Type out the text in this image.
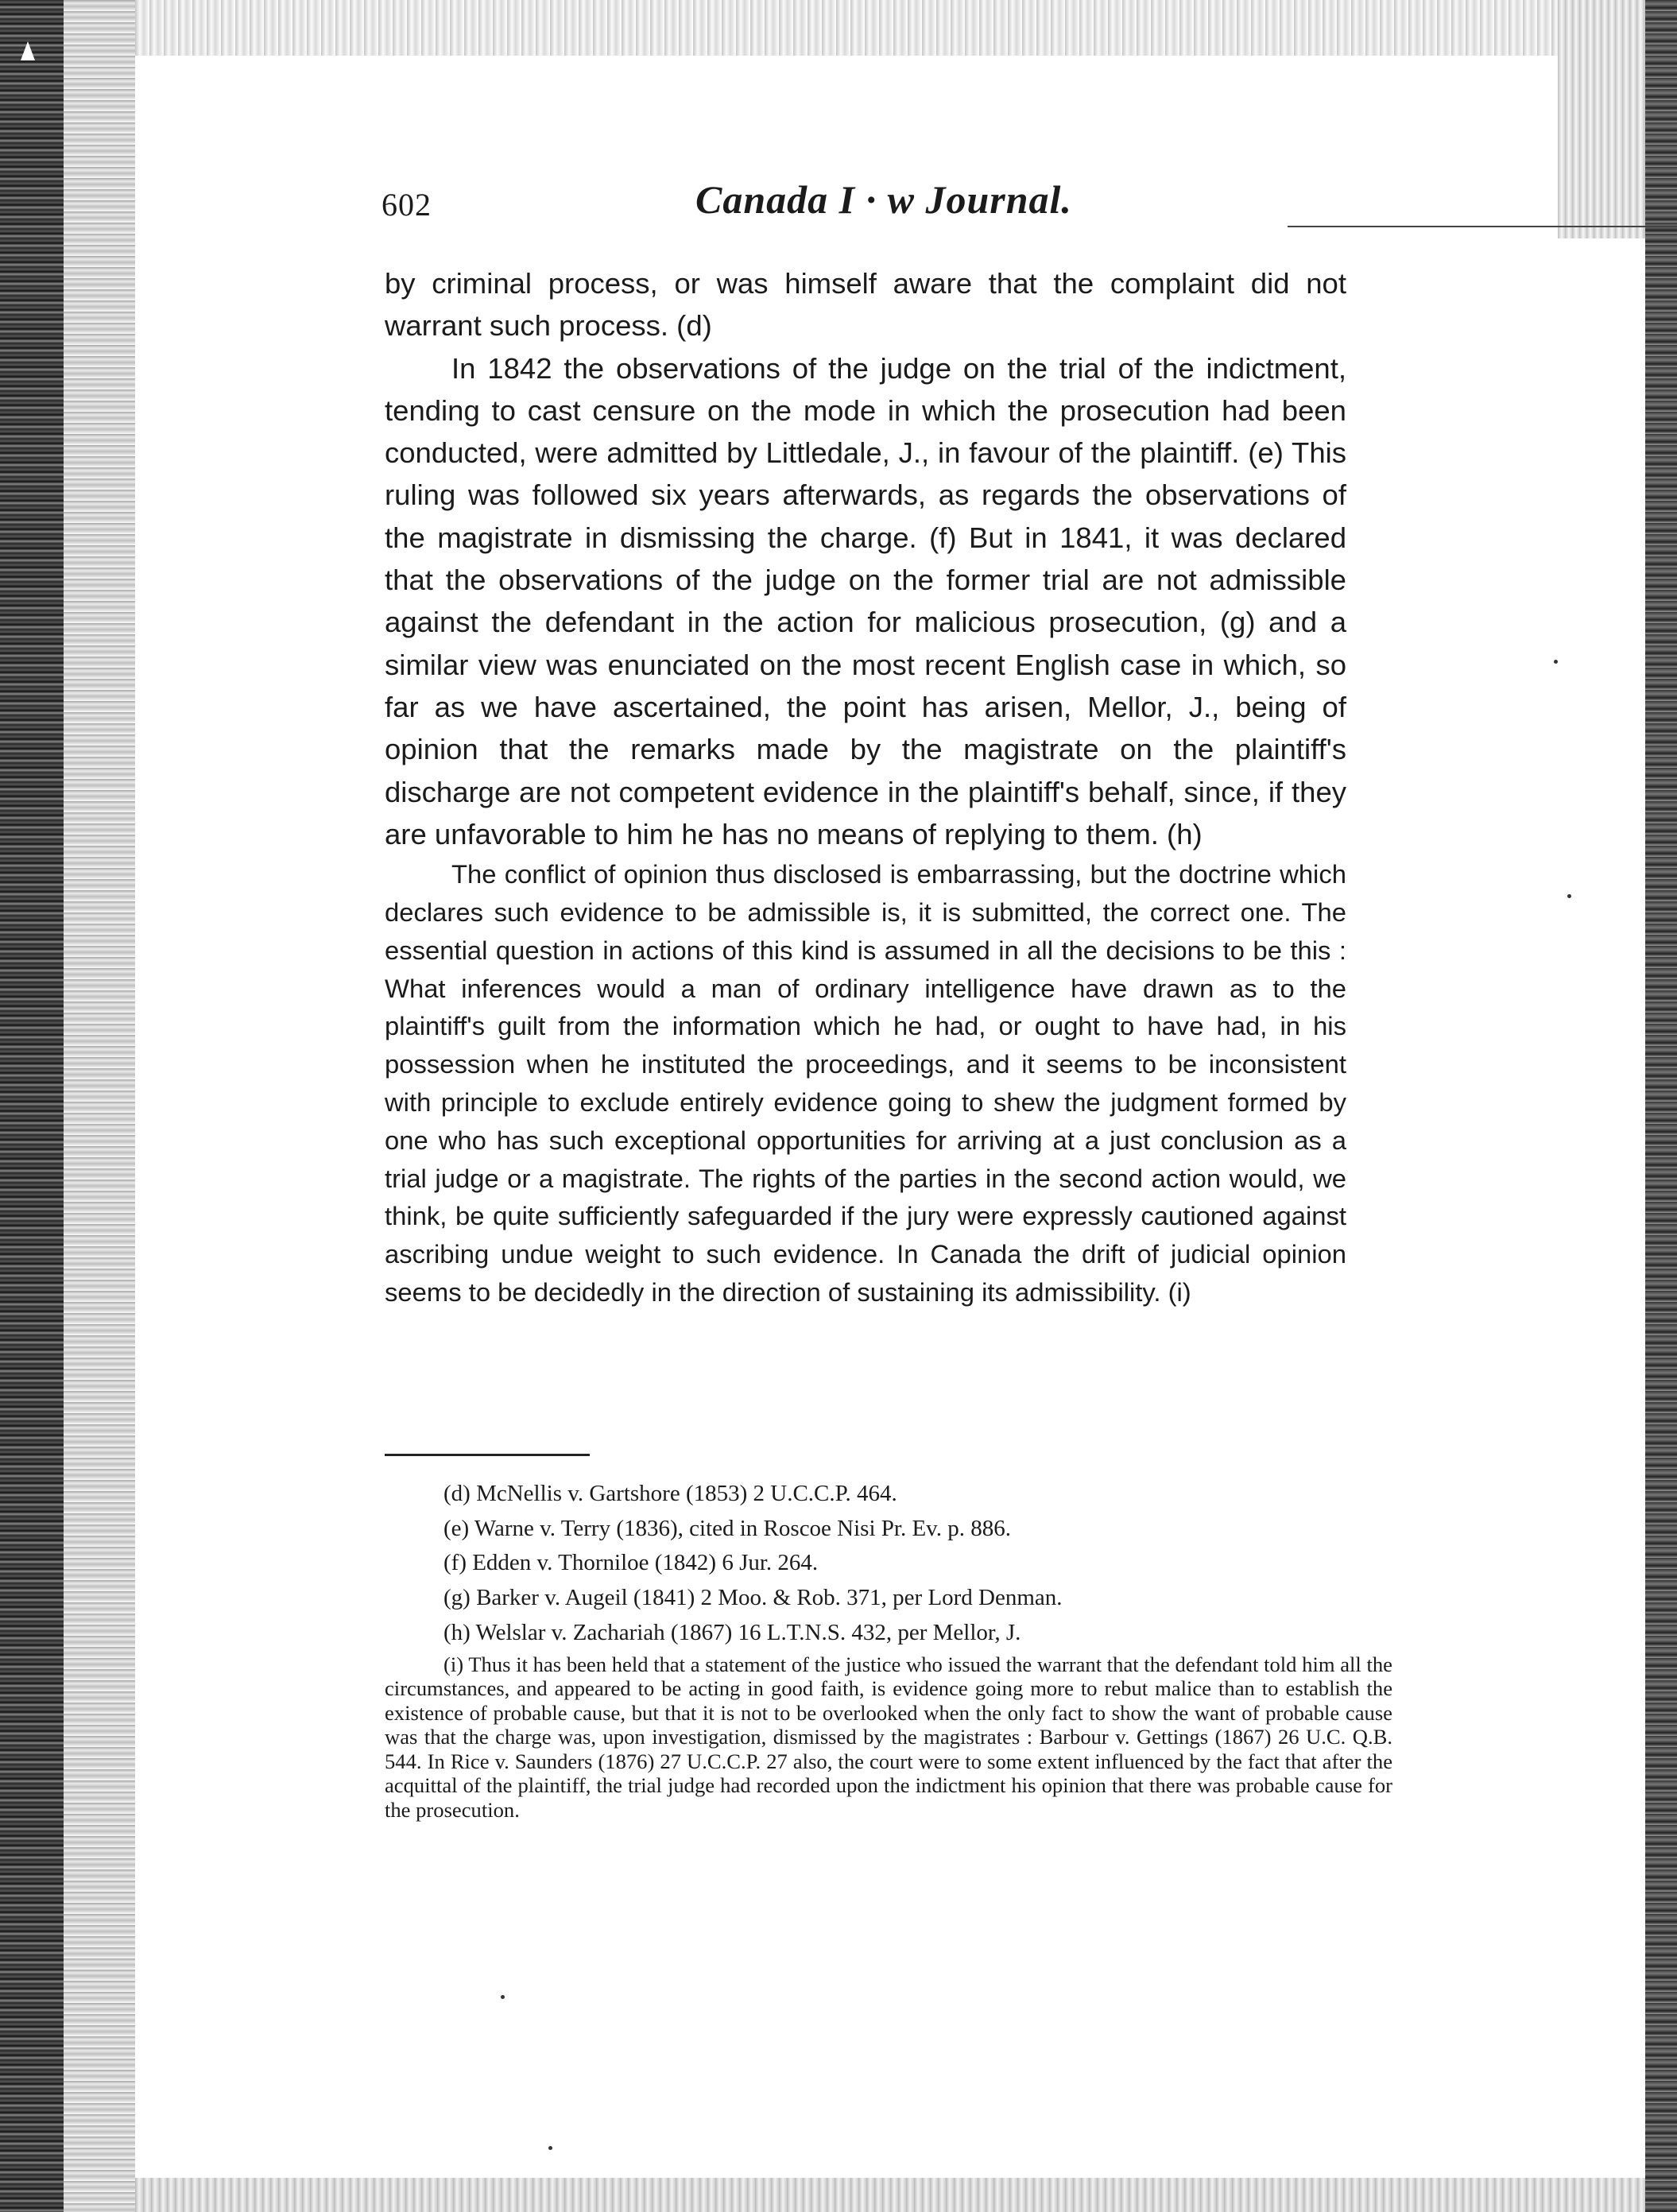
602	Canada I · w Journal.

by criminal process, or was himself aware that the complaint did not warrant such process. (d)

In 1842 the observations of the judge on the trial of the indictment, tending to cast censure on the mode in which the prosecution had been conducted, were admitted by Littledale, J., in favour of the plaintiff. (e) This ruling was followed six years afterwards, as regards the observations of the magistrate in dismissing the charge. (f) But in 1841, it was declared that the observations of the judge on the former trial are not admissible against the defendant in the action for malicious prosecution, (g) and a similar view was enunciated on the most recent English case in which, so far as we have ascertained, the point has arisen, Mellor, J., being of opinion that the remarks made by the magistrate on the plaintiff's discharge are not competent evidence in the plaintiff's behalf, since, if they are unfavorable to him he has no means of replying to them. (h)

The conflict of opinion thus disclosed is embarrassing, but the doctrine which declares such evidence to be admissible is, it is submitted, the correct one. The essential question in actions of this kind is assumed in all the decisions to be this : What inferences would a man of ordinary intelligence have drawn as to the plaintiff's guilt from the information which he had, or ought to have had, in his possession when he instituted the proceedings, and it seems to be inconsistent with principle to exclude entirely evidence going to shew the judgment formed by one who has such exceptional opportunities for arriving at a just conclusion as a trial judge or a magistrate. The rights of the parties in the second action would, we think, be quite sufficiently safeguarded if the jury were expressly cautioned against ascribing undue weight to such evidence. In Canada the drift of judicial opinion seems to be decidedly in the direction of sustaining its admissibility. (i)

(d) McNellis v. Gartshore (1853) 2 U.C.C.P. 464.

(e) Warne v. Terry (1836), cited in Roscoe Nisi Pr. Ev. p. 886.

(f) Edden v. Thorniloe (1842) 6 Jur. 264.

(g) Barker v. Augeil (1841) 2 Moo. & Rob. 371, per Lord Denman.

(h) Welslar v. Zachariah (1867) 16 L.T.N.S. 432, per Mellor, J.

(i) Thus it has been held that a statement of the justice who issued the warrant that the defendant told him all the circumstances, and appeared to be acting in good faith, is evidence going more to rebut malice than to establish the existence of probable cause, but that it is not to be overlooked when the only fact to show the want of probable cause was that the charge was, upon investigation, dismissed by the magistrates : Barbour v. Gettings (1867) 26 U.C. Q.B. 544. In Rice v. Saunders (1876) 27 U.C.C.P. 27 also, the court were to some extent influenced by the fact that after the acquittal of the plaintiff, the trial judge had recorded upon the indictment his opinion that there was probable cause for the prosecution.
